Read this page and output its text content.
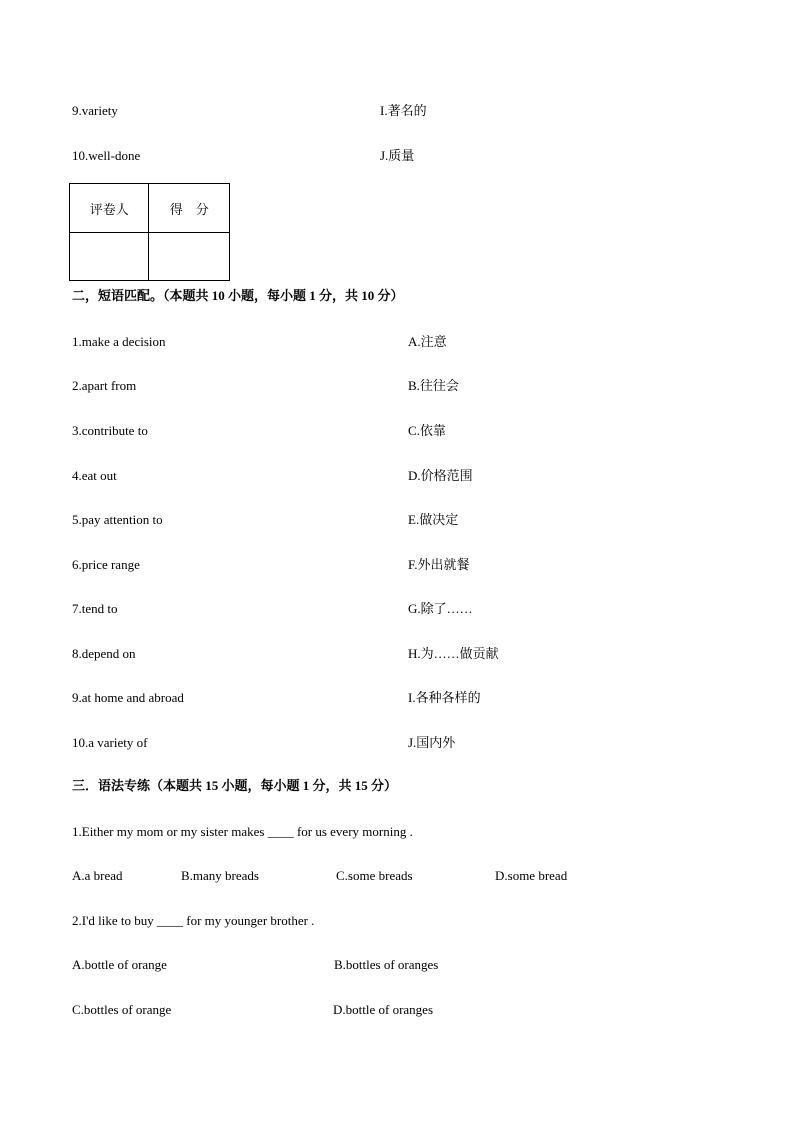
9.variety	I.著名的
10.well-done	J.质量
评卷人	得　分

二，短语匹配。（本题共 10 小题，每小题 1 分，共 10 分）
1.make a decision	A.注意
2.apart from	B.往往会
3.contribute to	C.依靠
4.eat out	D.价格范围
5.pay attention to	E.做决定
6.price range	F.外出就餐
7.tend to	G.除了……
8.depend on	H.为……做贡献
9.at home and abroad	I.各种各样的
10.a variety of	J.国内外
三．语法专练（本题共 15 小题，每小题 1 分，共 15 分）
1.Either my mom or my sister makes ____ for us every morning .
A.a bread	B.many breads	C.some breads	D.some bread
2.I'd like to buy ____ for my younger brother .
A.bottle of orange	B.bottles of oranges
C.bottles of orange	D.bottle of oranges
